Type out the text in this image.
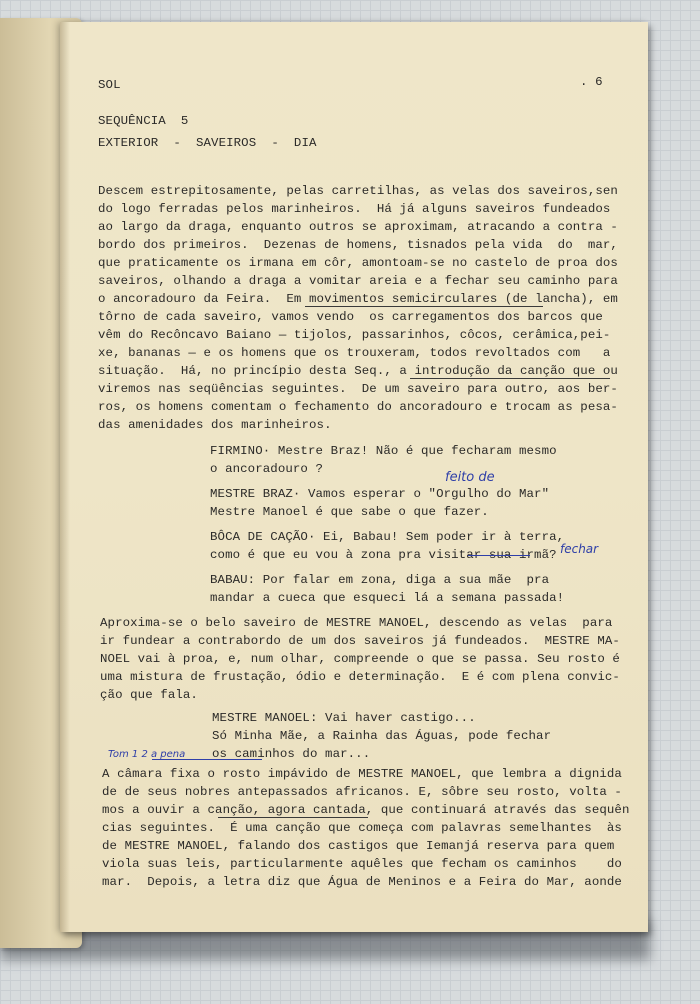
SOL	. 6
SEQUÊNCIA  5
EXTERIOR  -  SAVEIROS  -  DIA
Descem estrepitosamente, pelas carretilhas, as velas dos saveiros,sen
do logo ferradas pelos marinheiros.  Há já alguns saveiros fundeados
ao largo da draga, enquanto outros se aproximam, atracando a contra -
bordo dos primeiros.  Dezenas de homens, tisnados pela vida  do  mar,
que praticamente os irmana em côr, amontoam-se no castelo de proa dos
saveiros, olhando a draga a vomitar areia e a fechar seu caminho para
o ancoradouro da Feira.  Em movimentos semicirculares (de lancha), em
tôrno de cada saveiro, vamos vendo  os carregamentos dos barcos que
vêm do Recôncavo Baiano — tijolos, passarinhos, côcos, cerâmica,pei-
xe, bananas — e os homens que os trouxeram, todos revoltados com   a
situação.  Há, no princípio desta Seq., a introdução da canção que ou
viremos nas seqüências seguintes.  De um saveiro para outro, aos ber-
ros, os homens comentam o fechamento do ancoradouro e trocam as pesa-
das amenidades dos marinheiros.
FIRMINO· Mestre Braz! Não é que fecharam mesmo
o ancoradouro ?
MESTRE BRAZ· Vamos esperar o "Orgulho do Mar"
Mestre Manoel é que sabe o que fazer.
BÔCA DE CAÇÃO· Ei, Babau! Sem poder ir à terra,
como é que eu vou à zona pra visitar sua irmã?
BABAU: Por falar em zona, diga a sua mãe  pra
mandar a cueca que esqueci lá a semana passada!
feito de
fechar
Aproxima-se o belo saveiro de MESTRE MANOEL, descendo as velas  para
ir fundear a contrabordo de um dos saveiros já fundeados.  MESTRE MA-
NOEL vai à proa, e, num olhar, compreende o que se passa. Seu rosto é
uma mistura de frustação, ódio e determinação.  E é com plena convic-
ção que fala.
MESTRE MANOEL: Vai haver castigo...
Só Minha Mãe, a Rainha das Águas, pode fechar
os caminhos do mar...
Tom 1 2 a pena
A câmara fixa o rosto impávido de MESTRE MANOEL, que lembra a dignida
de de seus nobres antepassados africanos. E, sôbre seu rosto, volta -
mos a ouvir a canção, agora cantada, que continuará através das sequên
cias seguintes.  É uma canção que começa com palavras semelhantes  às
de MESTRE MANOEL, falando dos castigos que Iemanjá reserva para quem
viola suas leis, particularmente aquêles que fecham os caminhos    do
mar.  Depois, a letra diz que Água de Meninos e a Feira do Mar, aonde
